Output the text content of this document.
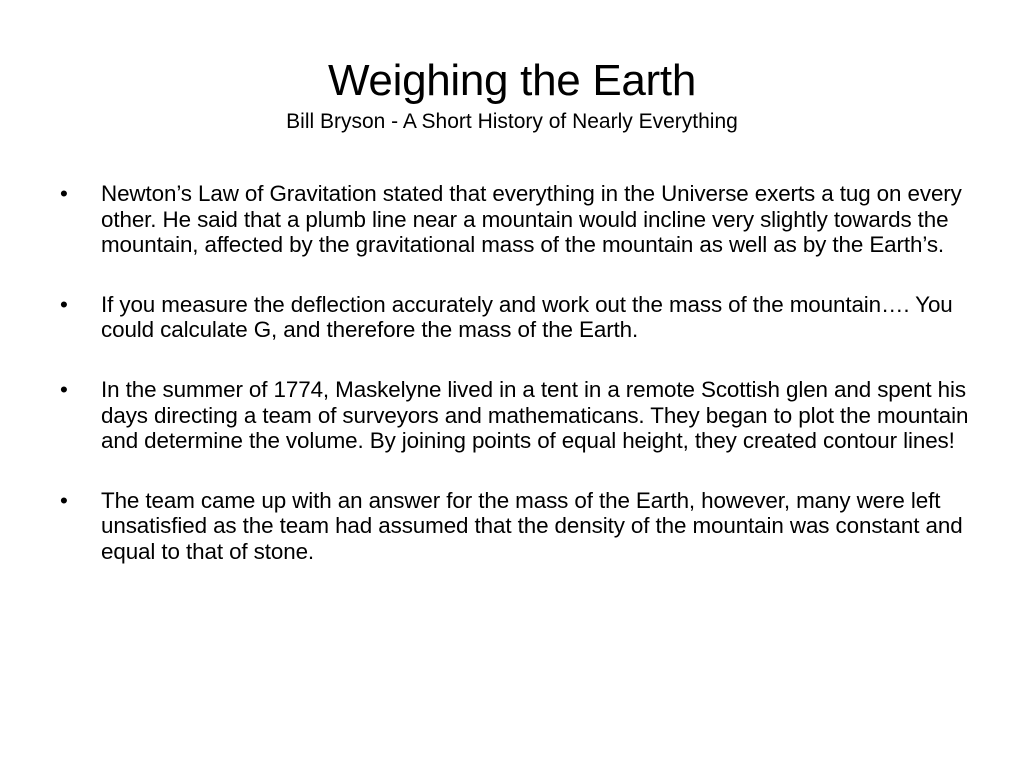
Weighing the Earth
Bill Bryson - A Short History of Nearly Everything
•	Newton’s Law of Gravitation stated that everything in the Universe exerts a tug on every other. He said that a plumb line near a mountain would incline very slightly towards the mountain, affected by the gravitational mass of the mountain as well as by the Earth’s.
•	If you measure the deflection accurately and work out the mass of the mountain…. You could calculate G, and therefore the mass of the Earth.
•	In the summer of 1774, Maskelyne lived in a tent in a remote Scottish glen and spent his days directing a team of surveyors and mathematicans. They began to plot the mountain and determine the volume. By joining points of equal height, they created contour lines!
•	The team came up with an answer for the mass of the Earth, however, many were left unsatisfied as the team had assumed that the density of the mountain was constant and equal to that of stone.
